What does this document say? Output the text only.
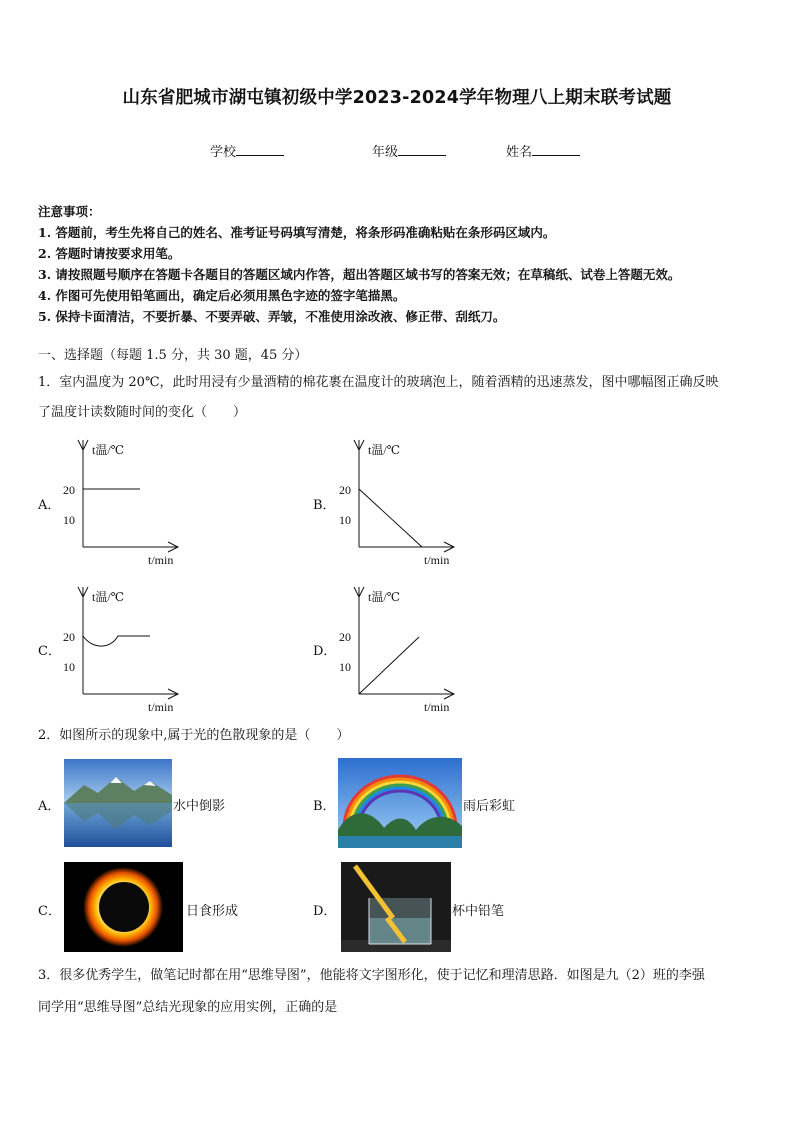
山东省肥城市湖屯镇初级中学2023-2024学年物理八上期末联考试题
学校	年级	姓名
注意事项：
1. 答题前，考生先将自己的姓名、准考证号码填写清楚，将条形码准确粘贴在条形码区域内。
2. 答题时请按要求用笔。
3. 请按照题号顺序在答题卡各题目的答题区域内作答，超出答题区域书写的答案无效；在草稿纸、试卷上答题无效。
4. 作图可先使用铅笔画出，确定后必须用黑色字迹的签字笔描黑。
5. 保持卡面清洁，不要折暴、不要弄破、弄皱，不准使用涂改液、修正带、刮纸刀。
一、选择题（每题 1.5 分，共 30 题，45 分）
1．室内温度为 20℃，此时用浸有少量酒精的棉花裹在温度计的玻璃泡上，随着酒精的迅速蒸发，图中哪幅图正确反映
了温度计读数随时间的变化（　　）
A．
t温/℃
20
10
t/min
B．
t温/℃
20
10
t/min
C．
t温/℃
20
10
t/min
D．
t温/℃
20
10
t/min
2．如图所示的现象中,属于光的色散现象的是（　　）
A．	水中倒影	B．	雨后彩虹
C．	日食形成	D．	杯中铅笔
3．很多优秀学生，做笔记时都在用“思维导图”，他能将文字图形化，使于记忆和理清思路．如图是九（2）班的李强
同学用“思维导图”总结光现象的应用实例，正确的是
